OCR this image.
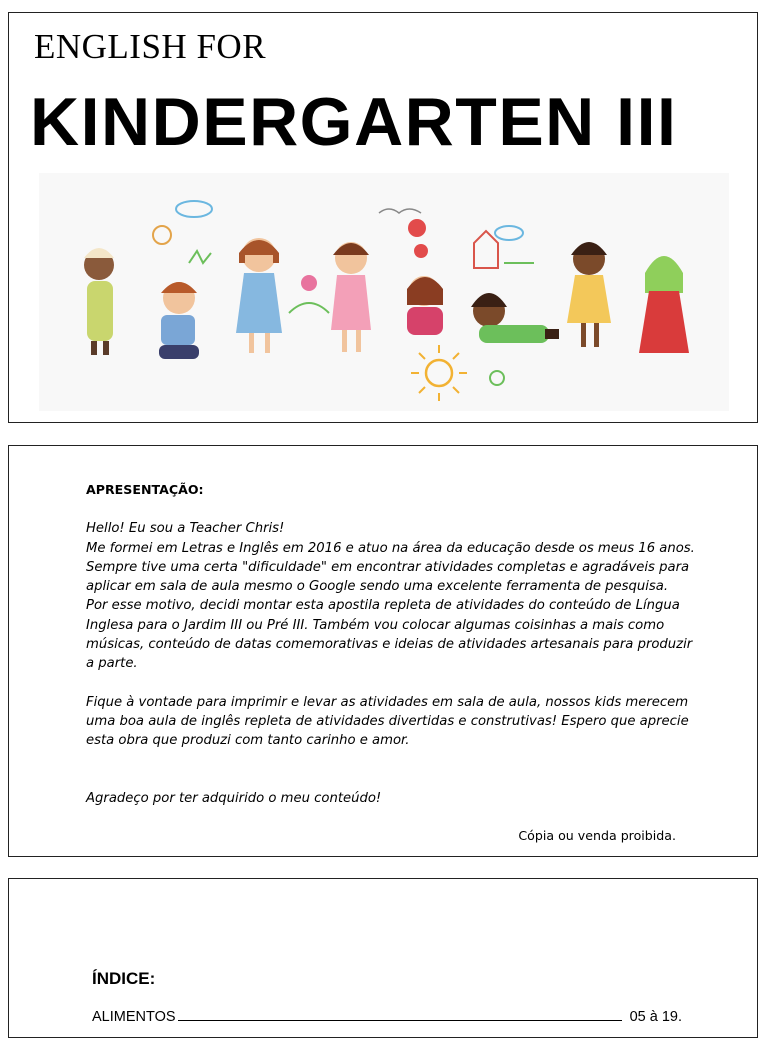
ENGLISH FOR
KINDERGARTEN III
APRESENTAÇÃO:

Hello! Eu sou a Teacher Chris!

Me formei em Letras e Inglês em 2016 e atuo na área da educação desde os meus 16 anos.

Sempre tive uma certa "dificuldade" em encontrar atividades completas e agradáveis para aplicar em sala de aula mesmo o Google sendo uma excelente ferramenta de pesquisa.

Por esse motivo, decidi montar esta apostila repleta de atividades do conteúdo de Língua Inglesa para o Jardim III ou Pré III. Também vou colocar algumas coisinhas a mais como músicas, conteúdo de datas comemorativas e ideias de atividades artesanais para produzir a parte.

Fique à vontade para imprimir e levar as atividades em sala de aula, nossos kids merecem uma boa aula de inglês repleta de atividades divertidas e construtivas! Espero que aprecie esta obra que produzi com tanto carinho e amor.

Agradeço por ter adquirido o meu conteúdo!

Cópia ou venda proibida.
ÍNDICE:
ALIMENTOS	05 à 19.
